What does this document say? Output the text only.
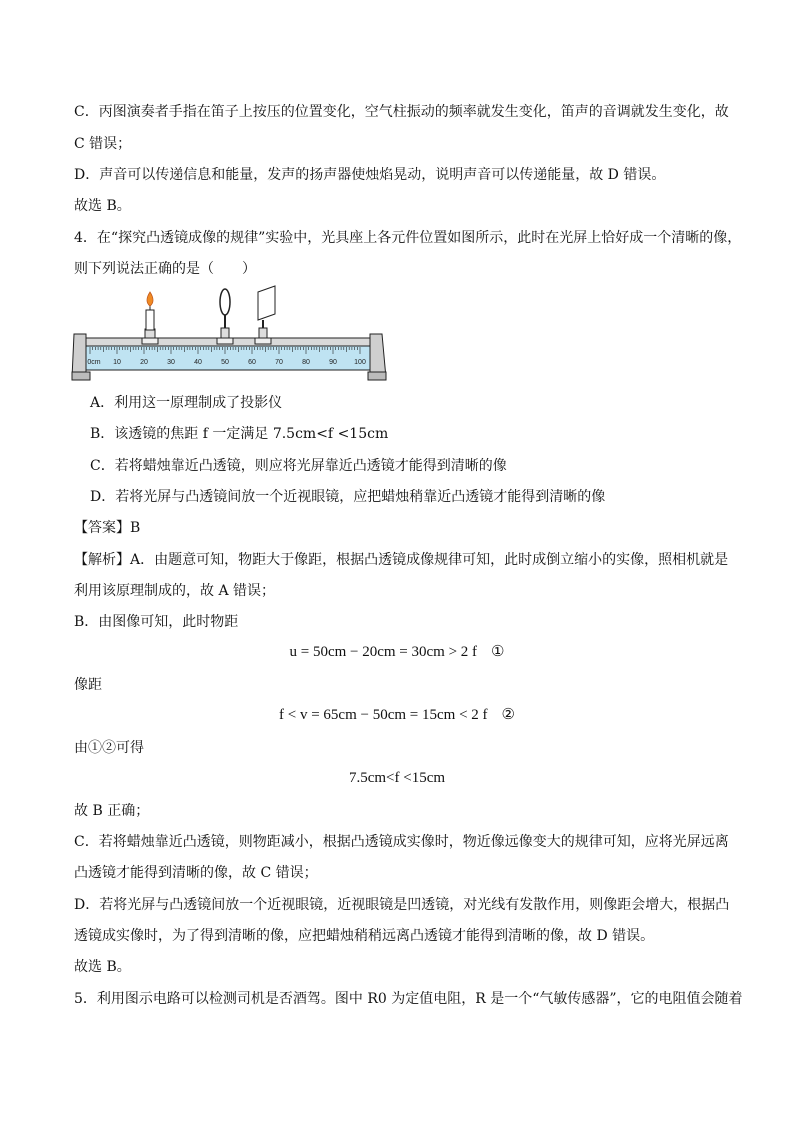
C．丙图演奏者手指在笛子上按压的位置变化，空气柱振动的频率就发生变化，笛声的音调就发生变化，故
C 错误；
D．声音可以传递信息和能量，发声的扬声器使烛焰晃动，说明声音可以传递能量，故 D 错误。
故选 B。
4．在“探究凸透镜成像的规律”实验中，光具座上各元件位置如图所示，此时在光屏上恰好成一个清晰的像，
则下列说法正确的是（　　）
0cm 10	20	30	40	50	60	70	80	90 100
A．利用这一原理制成了投影仪
B．该透镜的焦距 f 一定满足 7.5cm<f <15cm
C．若将蜡烛靠近凸透镜，则应将光屏靠近凸透镜才能得到清晰的像
D．若将光屏与凸透镜间放一个近视眼镜，应把蜡烛稍靠近凸透镜才能得到清晰的像
【答案】B
【解析】A．由题意可知，物距大于像距，根据凸透镜成像规律可知，此时成倒立缩小的实像，照相机就是
利用该原理制成的，故 A 错误；
B．由图像可知，此时物距
u = 50cm − 20cm = 30cm > 2 f ①
像距
f < v = 65cm − 50cm = 15cm < 2 f ②
由①②可得
7.5cm<f <15cm
故 B 正确；
C．若将蜡烛靠近凸透镜，则物距减小，根据凸透镜成实像时，物近像远像变大的规律可知，应将光屏远离
凸透镜才能得到清晰的像，故 C 错误；
D．若将光屏与凸透镜间放一个近视眼镜，近视眼镜是凹透镜，对光线有发散作用，则像距会增大，根据凸
透镜成实像时，为了得到清晰的像，应把蜡烛稍稍远离凸透镜才能得到清晰的像，故 D 错误。
故选 B。
5．利用图示电路可以检测司机是否酒驾。图中 R0 为定值电阻，R 是一个“气敏传感器”，它的电阻值会随着
